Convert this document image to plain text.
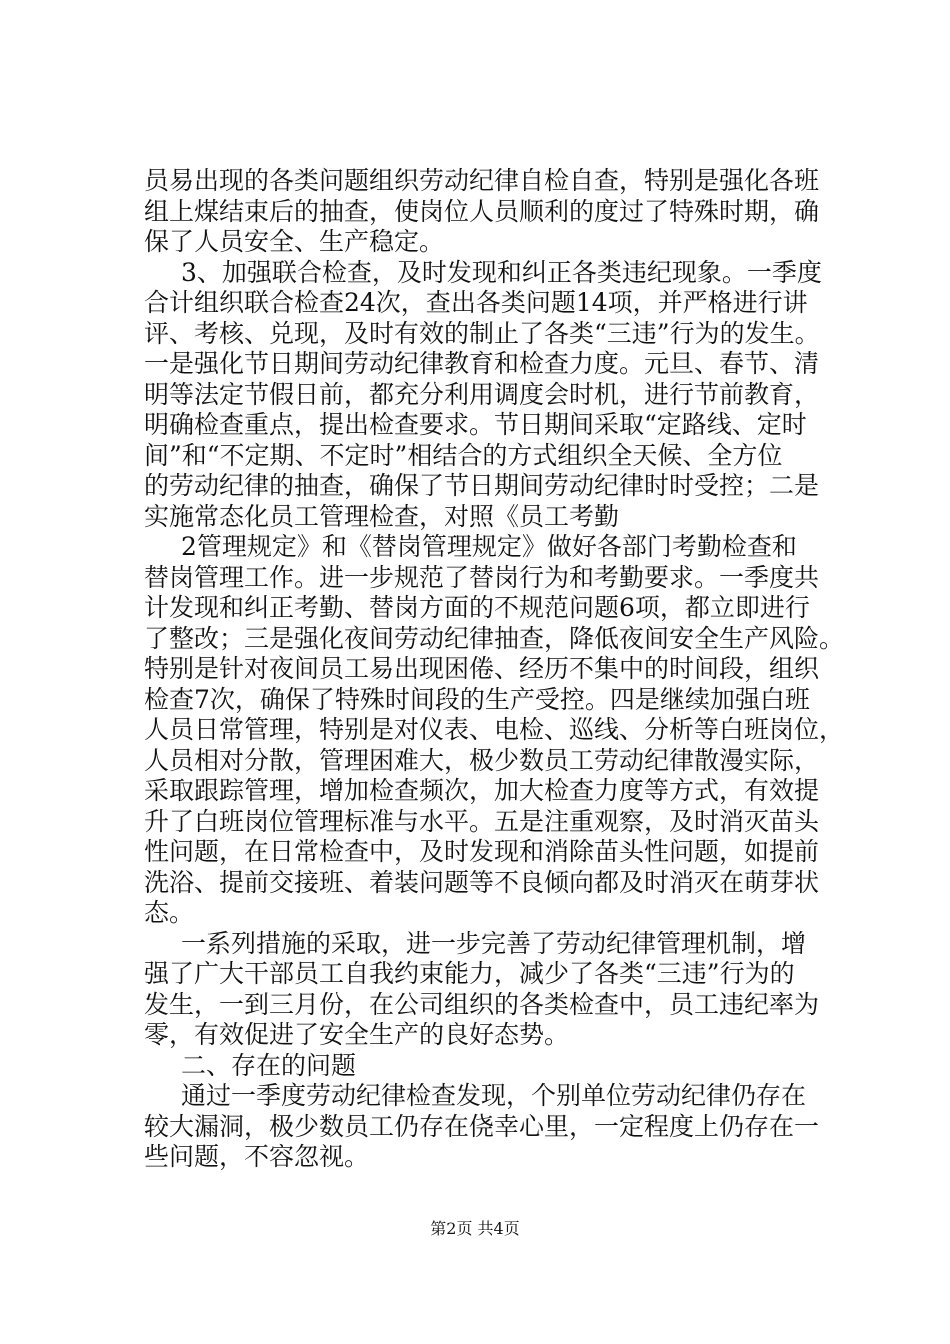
员易出现的各类问题组织劳动纪律自检自查，特别是强化各班
组上煤结束后的抽查，使岗位人员顺利的度过了特殊时期，确
保了人员安全、生产稳定。
3、加强联合检查，及时发现和纠正各类违纪现象。一季度
合计组织联合检查24次，查出各类问题14项，并严格进行讲
评、考核、兑现，及时有效的制止了各类“三违”行为的发生。
一是强化节日期间劳动纪律教育和检查力度。元旦、春节、清
明等法定节假日前，都充分利用调度会时机，进行节前教育，
明确检查重点，提出检查要求。节日期间采取“定路线、定时
间”和“不定期、不定时”相结合的方式组织全天候、全方位
的劳动纪律的抽查，确保了节日期间劳动纪律时时受控；二是
实施常态化员工管理检查，对照《员工考勤
2管理规定》和《替岗管理规定》做好各部门考勤检查和
替岗管理工作。进一步规范了替岗行为和考勤要求。一季度共
计发现和纠正考勤、替岗方面的不规范问题6项，都立即进行
了整改；三是强化夜间劳动纪律抽查，降低夜间安全生产风险。
特别是针对夜间员工易出现困倦、经历不集中的时间段，组织
检查7次，确保了特殊时间段的生产受控。四是继续加强白班
人员日常管理，特别是对仪表、电检、巡线、分析等白班岗位，
人员相对分散，管理困难大，极少数员工劳动纪律散漫实际，
采取跟踪管理，增加检查频次，加大检查力度等方式，有效提
升了白班岗位管理标准与水平。五是注重观察，及时消灭苗头
性问题，在日常检查中，及时发现和消除苗头性问题，如提前
洗浴、提前交接班、着装问题等不良倾向都及时消灭在萌芽状
态。
一系列措施的采取，进一步完善了劳动纪律管理机制，增
强了广大干部员工自我约束能力，减少了各类“三违”行为的
发生，一到三月份，在公司组织的各类检查中，员工违纪率为
零，有效促进了安全生产的良好态势。
二、存在的问题
通过一季度劳动纪律检查发现，个别单位劳动纪律仍存在
较大漏洞，极少数员工仍存在侥幸心里，一定程度上仍存在一
些问题，不容忽视。
第2页 共4页
